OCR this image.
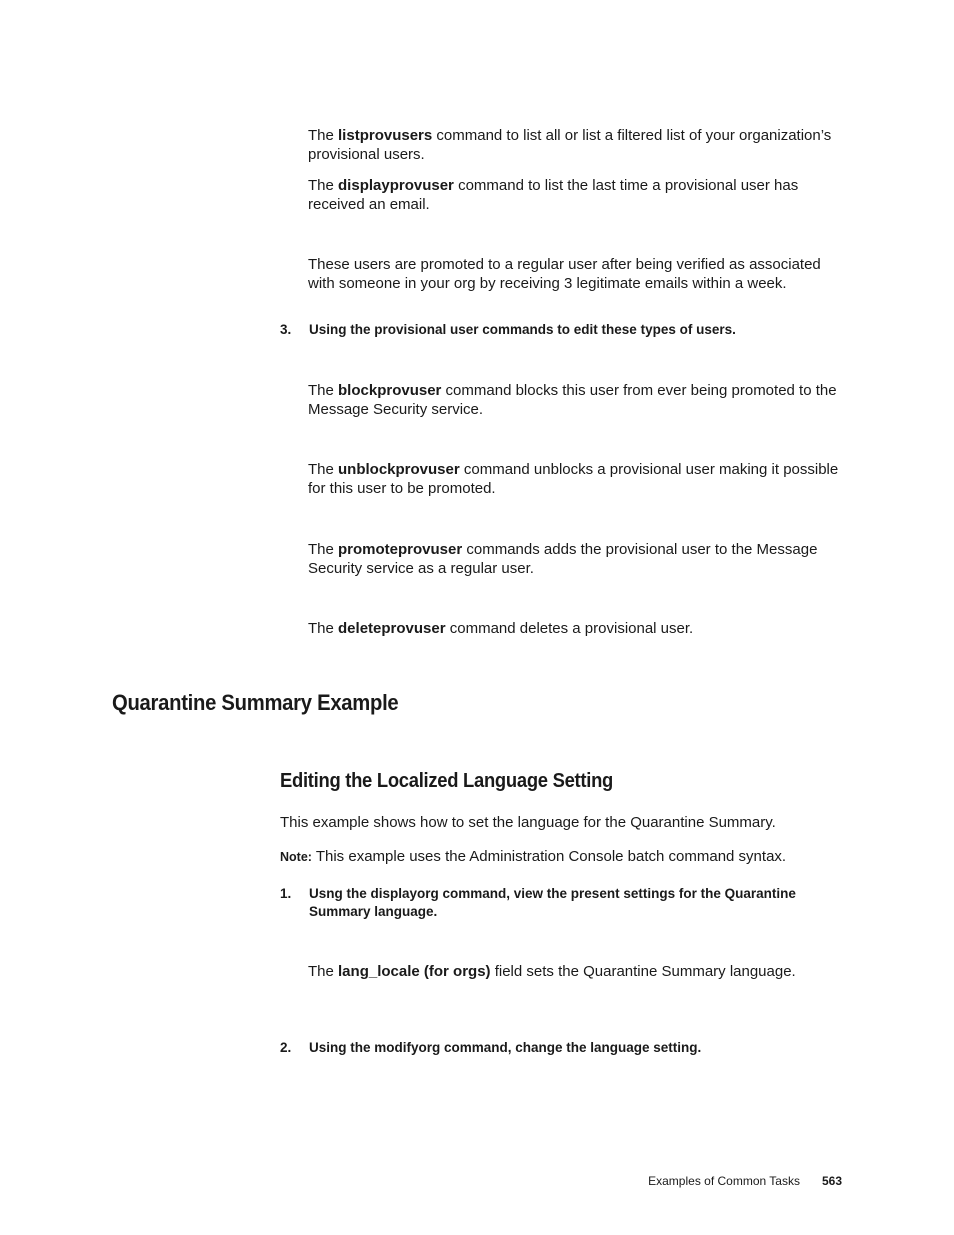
The listprovusers command to list all or list a filtered list of your organization’s provisional users.

The displayprovuser command to list the last time a provisional user has received an email.

These users are promoted to a regular user after being verified as associated with someone in your org by receiving 3 legitimate emails within a week.

3. Using the provisional user commands to edit these types of users.

The blockprovuser command blocks this user from ever being promoted to the Message Security service.

The unblockprovuser command unblocks a provisional user making it possible for this user to be promoted.

The promoteprovuser commands adds the provisional user to the Message Security service as a regular user.

The deleteprovuser command deletes a provisional user.

Quarantine Summary Example
Editing the Localized Language Setting

This example shows how to set the language for the Quarantine Summary.

Note: This example uses the Administration Console batch command syntax.

1. Usng the displayorg command, view the present settings for the Quarantine Summary language.

The lang_locale (for orgs) field sets the Quarantine Summary language.

2. Using the modifyorg command, change the language setting.
Examples of Common Tasks 563
